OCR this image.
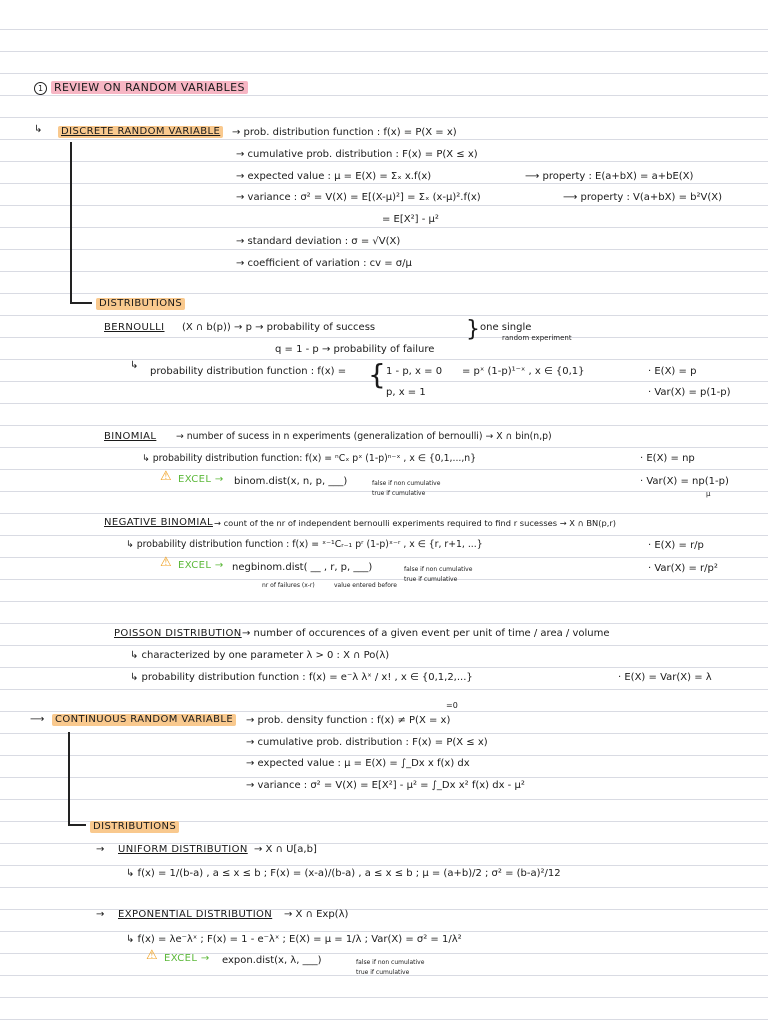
1 REVIEW ON RANDOM VARIABLES
↳	DISCRETE RANDOM VARIABLE	→ prob. distribution function : f(x) = P(X = x)
→ cumulative prob. distribution : F(x) = P(X ≤ x)
→ expected value : μ = E(X) = Σₓ x.f(x)	⟶ property : E(a+bX) = a+bE(X)
→ variance : σ² = V(X) = E[(X-μ)²] = Σₓ (x-μ)².f(x)	⟶ property : V(a+bX) = b²V(X)
= E[X²] - μ²
→ standard deviation : σ = √V(X)
→ coefficient of variation : cv = σ/μ
DISTRIBUTIONS
BERNOULLI (X ∩ b(p)) → p → probability of success
q = 1 - p → probability of failure
} one single
random experiment
↳
probability distribution function : f(x) = { 1 - p, x = 0
p, x = 1
= pˣ (1-p)¹⁻ˣ , x ∈ {0,1}	· E(X) = p
· Var(X) = p(1-p)
BINOMIAL → number of sucess in n experiments (generalization of bernoulli) → X ∩ bin(n,p)
↳ probability distribution function: f(x) = ⁿCₓ pˣ (1-p)ⁿ⁻ˣ , x ∈ {0,1,...,n}	· E(X) = np
⚠ EXCEL → binom.dist(x, n, p, ___)	false if non cumulative
true if cumulative
· Var(X) = np(1-p)
μ
NEGATIVE BINOMIAL → count of the nr of independent bernoulli experiments required to find r sucesses → X ∩ BN(p,r)
↳ probability distribution function : f(x) = ˣ⁻¹Cᵣ₋₁ pʳ (1-p)ˣ⁻ʳ , x ∈ {r, r+1, ...}	· E(X) = r/p
⚠ EXCEL → negbinom.dist( __ , r, p, ___)
nr of failures (x-r)	value entered before
false if non cumulative
true if cumulative
· Var(X) = r/p²
POISSON DISTRIBUTION → number of occurences of a given event per unit of time / area / volume
↳ characterized by one parameter λ > 0 : X ∩ Po(λ)
↳ probability distribution function : f(x) = e⁻λ λˣ / x! , x ∈ {0,1,2,...}	· E(X) = Var(X) = λ
=0
⟶	CONTINUOUS RANDOM VARIABLE	→ prob. density function : f(x) ≠ P(X = x)
→ cumulative prob. distribution : F(x) = P(X ≤ x)
→ expected value : μ = E(X) = ∫_Dx x f(x) dx
→ variance : σ² = V(X) = E[X²] - μ² = ∫_Dx x² f(x) dx - μ²
DISTRIBUTIONS
→ UNIFORM DISTRIBUTION → X ∩ U[a,b]
↳ f(x) = 1/(b-a) , a ≤ x ≤ b ; F(x) = (x-a)/(b-a) , a ≤ x ≤ b ; μ = (a+b)/2 ; σ² = (b-a)²/12
→ EXPONENTIAL DISTRIBUTION → X ∩ Exp(λ)
↳ f(x) = λe⁻λˣ ; F(x) = 1 - e⁻λˣ ; E(X) = μ = 1/λ ; Var(X) = σ² = 1/λ²
⚠ EXCEL → expon.dist(x, λ, ___)	false if non cumulative
true if cumulative
